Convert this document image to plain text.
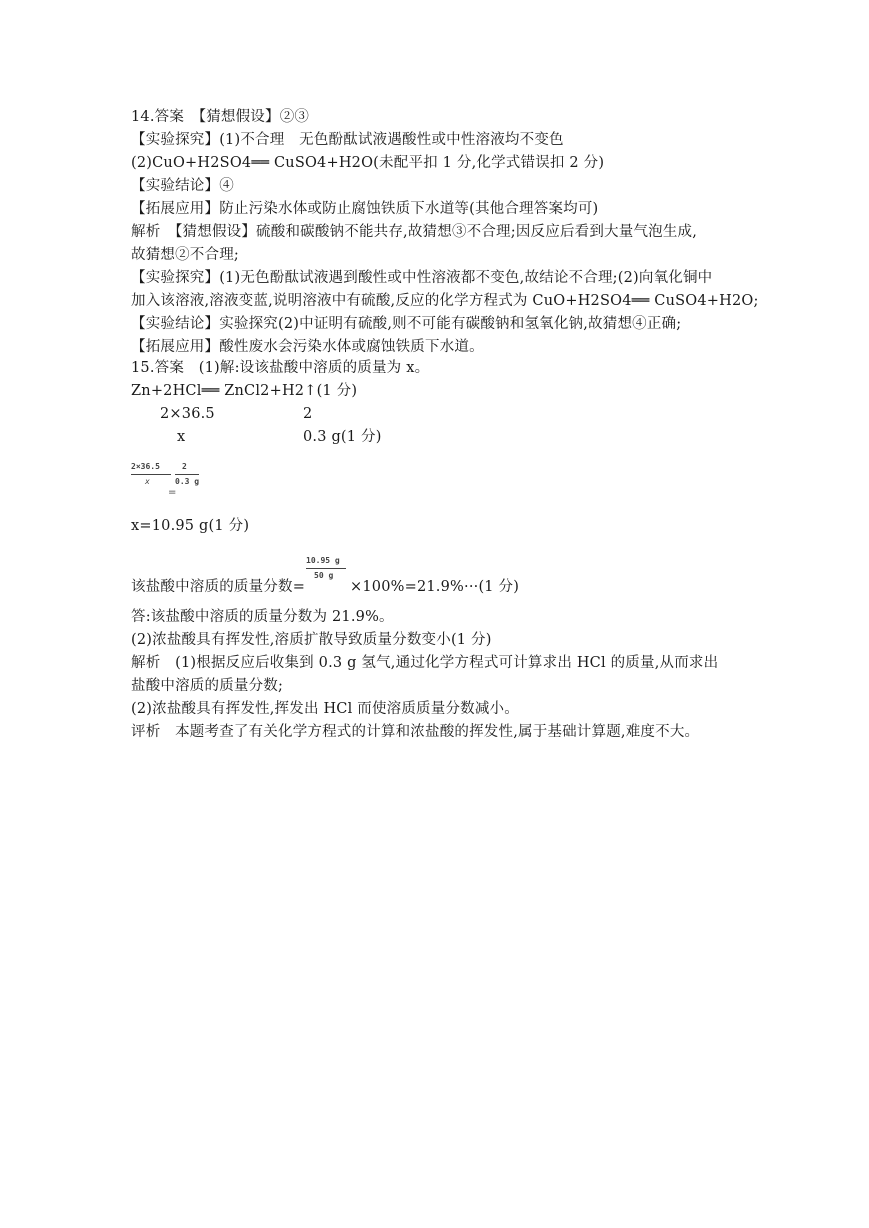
14.答案　【猜想假设】②③
【实验探究】(1)不合理　无色酚酞试液遇酸性或中性溶液均不变色
(2)CuO+H2SO4══ CuSO4+H2O(未配平扣 1 分,化学式错误扣 2 分)
【实验结论】④
【拓展应用】防止污染水体或防止腐蚀铁质下水道等(其他合理答案均可)
解析　【猜想假设】硫酸和碳酸钠不能共存,故猜想③不合理;因反应后看到大量气泡生成,
故猜想②不合理;
【实验探究】(1)无色酚酞试液遇到酸性或中性溶液都不变色,故结论不合理;(2)向氧化铜中
加入该溶液,溶液变蓝,说明溶液中有硫酸,反应的化学方程式为 CuO+H2SO4══ CuSO4+H2O;
【实验结论】实验探究(2)中证明有硫酸,则不可能有碳酸钠和氢氧化钠,故猜想④正确;
【拓展应用】酸性废水会污染水体或腐蚀铁质下水道。
15.答案　(1)解:设该盐酸中溶质的质量为 x。
Zn+2HCl══ ZnCl2+H2↑(1 分)
2×36.5　　　　　　2
x　　　　　　　　0.3 g(1 分)
2×36.5
x
2
0.3 g
=
x=10.95 g(1 分)
该盐酸中溶质的质量分数=
10.95 g
50 g
×100%=21.9%···(1 分)
答:该盐酸中溶质的质量分数为 21.9%。
(2)浓盐酸具有挥发性,溶质扩散导致质量分数变小(1 分)
解析　(1)根据反应后收集到 0.3 g 氢气,通过化学方程式可计算求出 HCl 的质量,从而求出
盐酸中溶质的质量分数;
(2)浓盐酸具有挥发性,挥发出 HCl 而使溶质质量分数减小。
评析　本题考查了有关化学方程式的计算和浓盐酸的挥发性,属于基础计算题,难度不大。
